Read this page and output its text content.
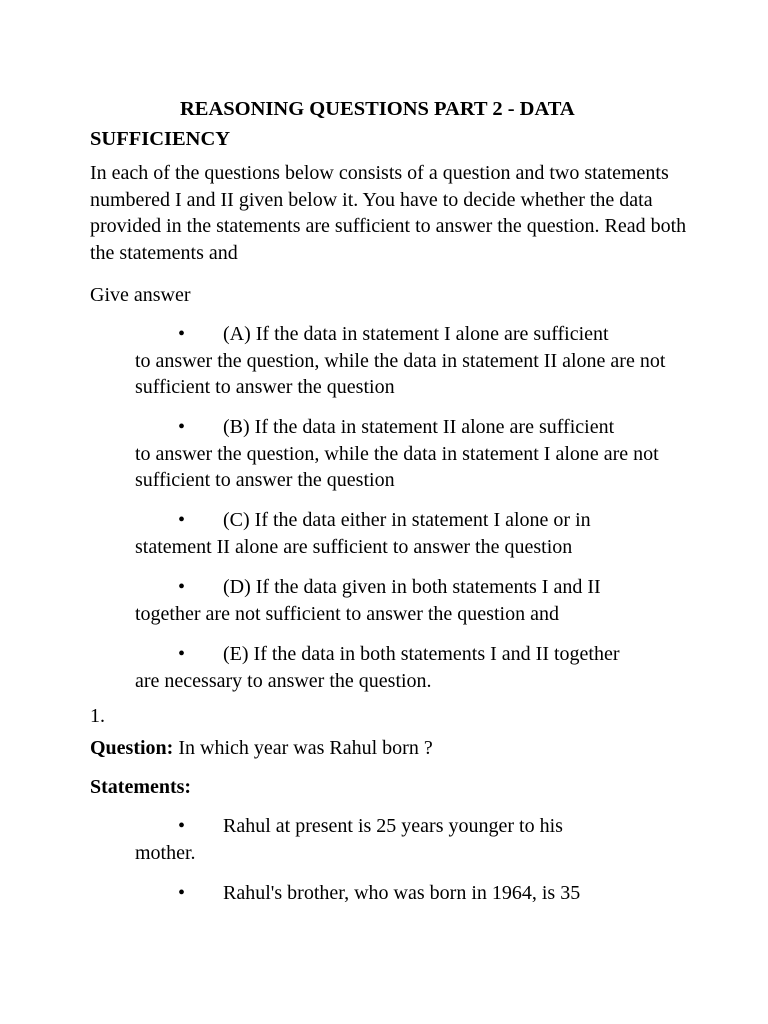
REASONING QUESTIONS PART 2 - DATA SUFFICIENCY
In each of the questions below consists of a question and two statements numbered I and II given below it. You have to decide whether the data provided in the statements are sufficient to answer the question. Read both the statements and
Give answer
• (A) If the data in statement I alone are sufficient
to answer the question, while the data in statement II alone are not sufficient to answer the question
• (B) If the data in statement II alone are sufficient
to answer the question, while the data in statement I alone are not sufficient to answer the question
• (C) If the data either in statement I alone or in
statement II alone are sufficient to answer the question
• (D) If the data given in both statements I and II
together are not sufficient to answer the question and
• (E) If the data in both statements I and II together
are necessary to answer the question.
1.
Question: In which year was Rahul born ?
Statements:
• Rahul at present is 25 years younger to his
mother.
• Rahul's brother, who was born in 1964, is 35
